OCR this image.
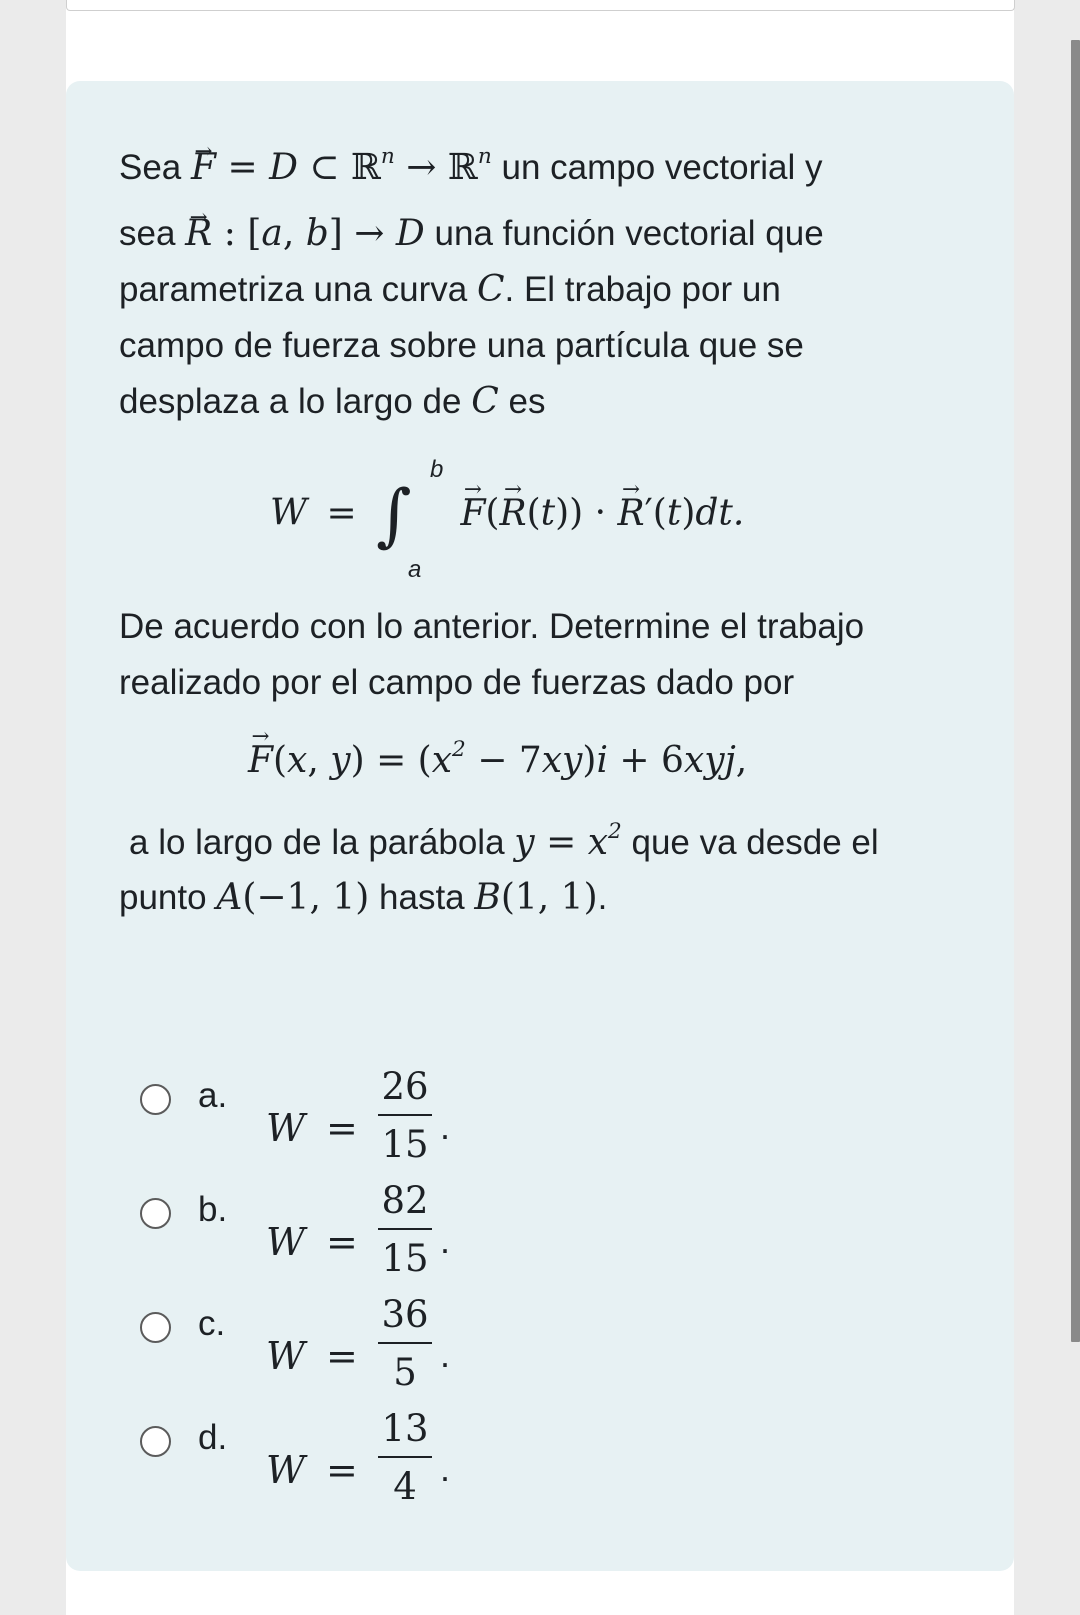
Sea → F = D ⊂ ℝ$^n$ → ℝ$^n$ un campo vectorial y
sea → R : [a, b] → D una función vectorial que
parametriza una curva C. El trabajo por un
campo de fuerza sobre una partícula que se
desplaza a lo largo de C es
W = ∫ → F(→ R(t)) · → R′(t)dt.
b
a
De acuerdo con lo anterior. Determine el trabajo
realizado por el campo de fuerzas dado por
→ F(x, $y) = (x^2 - 7xy)i + 6xyj$,
a lo largo de la parábola $y = x^2$ que va desde el
punto A(−1, 1) hasta B(1, 1).
a.
W =
26
15 .
b.
W =
82
15 .
c.
W =
36
5 .
d.
W =
13
4 .
